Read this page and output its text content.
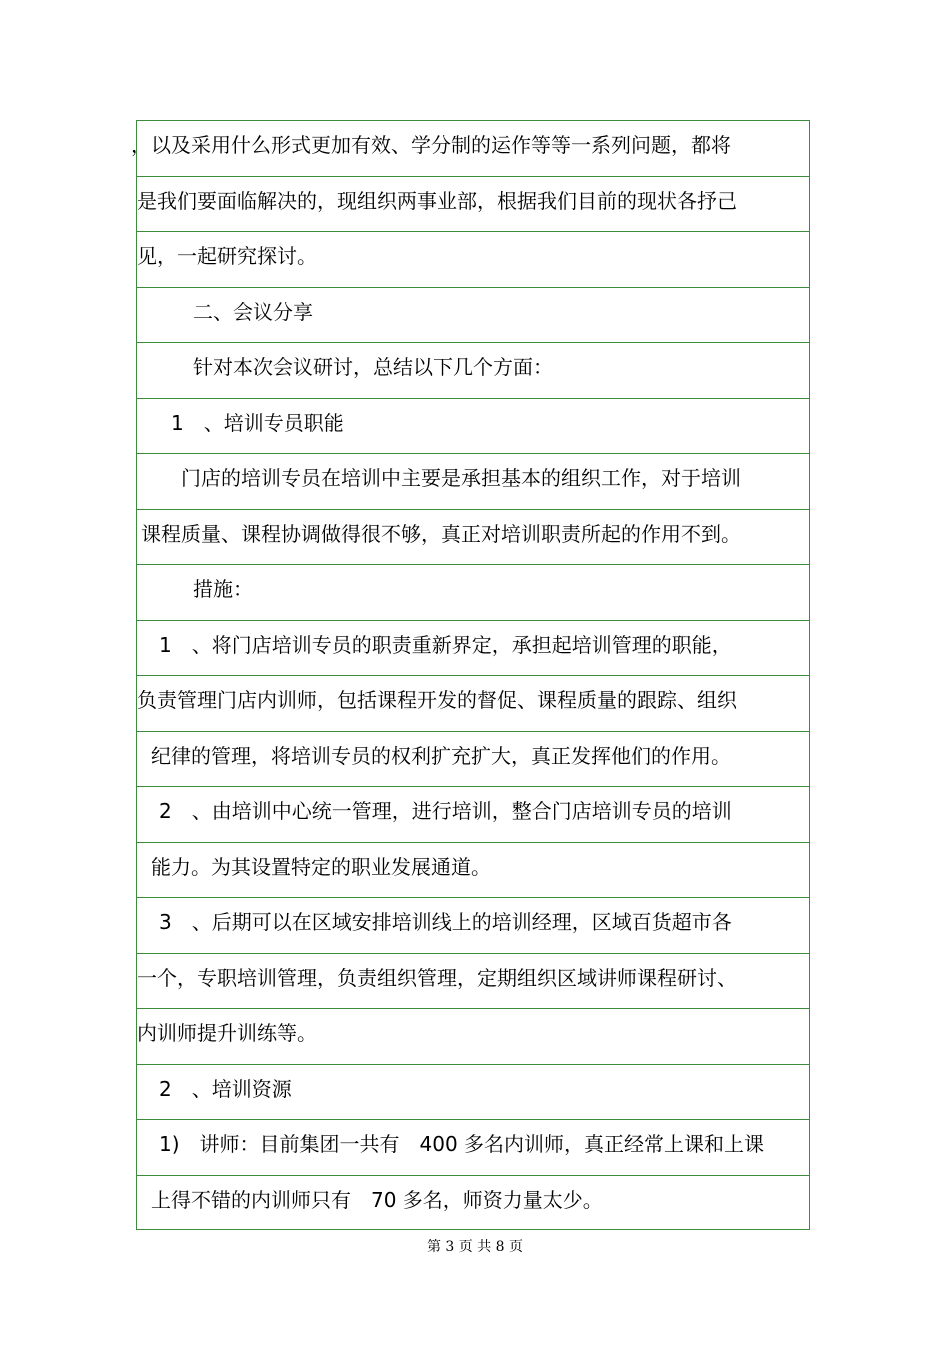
，以及采用什么形式更加有效、学分制的运作等等一系列问题，都将
是我们要面临解决的，现组织两事业部，根据我们目前的现状各抒己
见，一起研究探讨。
二、会议分享
针对本次会议研讨，总结以下几个方面：
1　、培训专员职能
门店的培训专员在培训中主要是承担基本的组织工作，对于培训
课程质量、课程协调做得很不够，真正对培训职责所起的作用不到。
措施：
1　、将门店培训专员的职责重新界定，承担起培训管理的职能，
负责管理门店内训师，包括课程开发的督促、课程质量的跟踪、组织
纪律的管理，将培训专员的权利扩充扩大，真正发挥他们的作用。
2　、由培训中心统一管理，进行培训，整合门店培训专员的培训
能力。为其设置特定的职业发展通道。
3　、后期可以在区域安排培训线上的培训经理，区域百货超市各
一个，专职培训管理，负责组织管理，定期组织区域讲师课程研讨、
内训师提升训练等。
2　、培训资源
1)　讲师：目前集团一共有　400 多名内训师，真正经常上课和上课
上得不错的内训师只有　70 多名，师资力量太少。
第 3 页 共 8 页
